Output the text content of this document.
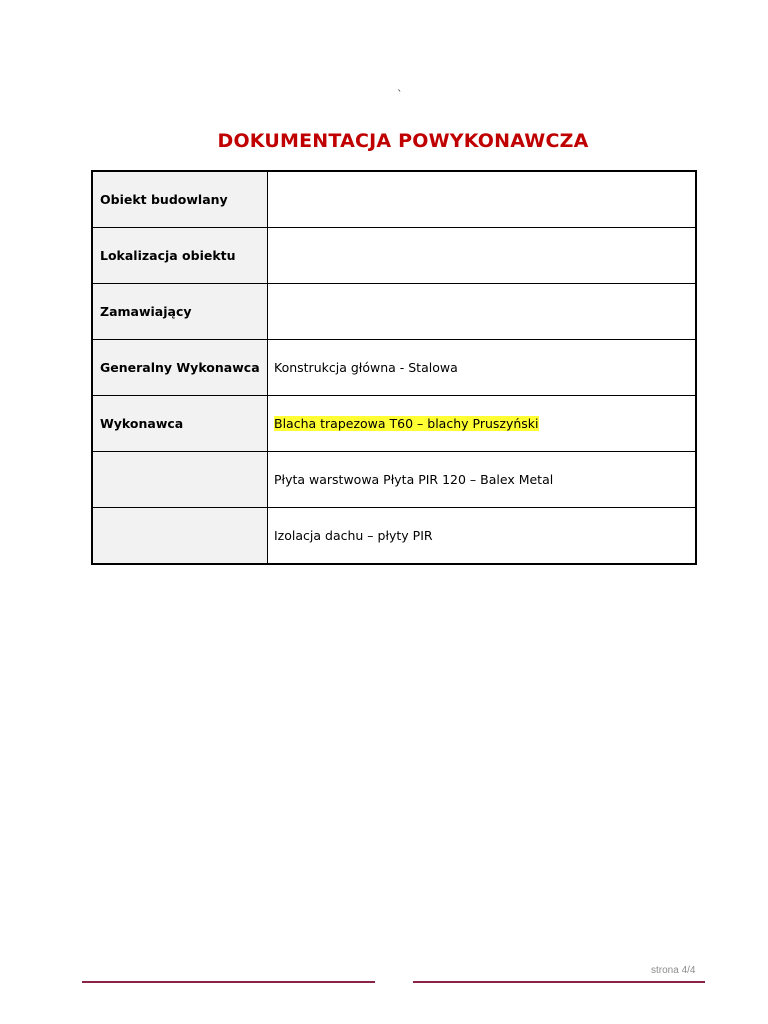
`
DOKUMENTACJA POWYKONAWCZA
Obiekt budowlany	
Lokalizacja obiektu	
Zamawiający	
Generalny Wykonawca	Konstrukcja główna - Stalowa
Wykonawca	Blacha trapezowa T60 – blachy Pruszyński
	Płyta warstwowa Płyta PIR 120 – Balex Metal
	Izolacja dachu – płyty PIR
strona 4/4
